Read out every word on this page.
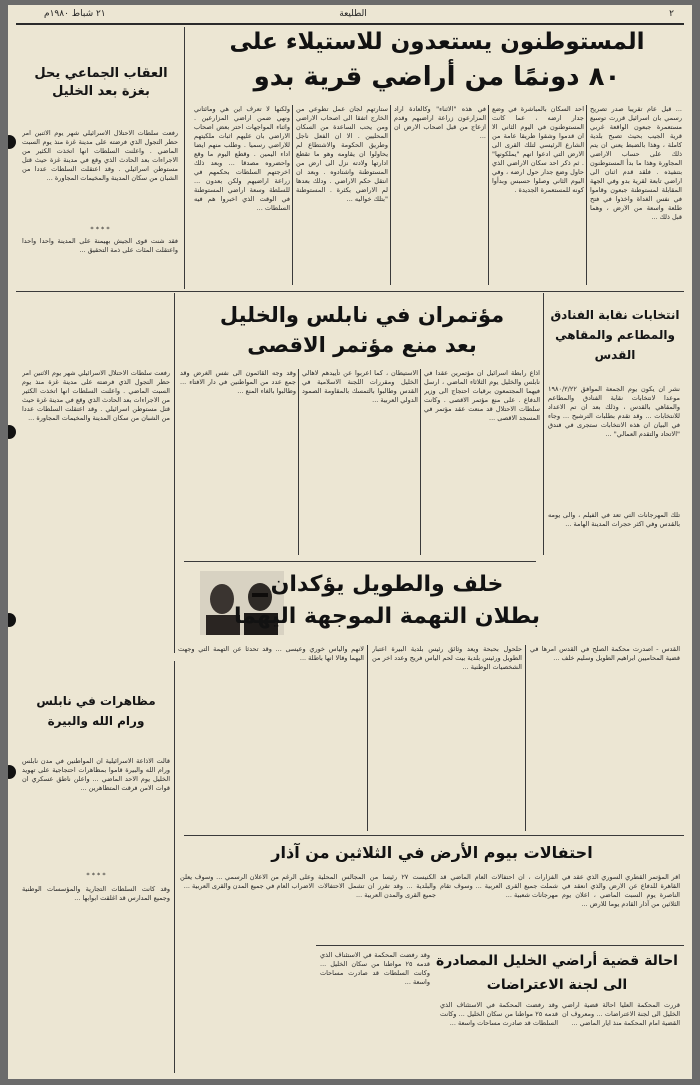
٢
الطليعة
٢١ شباط ١٩٨٠م
المستوطنون يستعدون للاستيلاء على
٨٠ دونمًا من أراضي قرية بدو
... قبل عام تقريبا صدر تصريح رسمي بان اسرائيل قررت توسيع مستعمرة جبعون الواقعة غربي قرية الجيب بحيث تصبح بلدية كاملة ، وهذا بالضبط يعني ان يتم ذلك على حساب الاراضي المجاورة وهذا ما بدأ المستوطنون بتنفيذه . فلقد قدم اثنان الى اراضي تابعة لقرية بدو وفي الجهة المقابلة لمستوطنة جبعون وقاموا في نفس الغداة واخذوا في فتح طلعة واسعة من الارض ، وهما قبل ذلك ...
احد السكان بالمباشرة في وضع جدار ارضه ، عما كانت المستوطنون في اليوم الثاني الا ان قدموا وشقوا طريقا عامة من الشارع الرئيسي لتلك القرى الى الارض التي ادعوا انهم "يملكونها" . ثم ذكر احد سكان الاراضي الذي حاول وضع جدار حول ارضه ، وفي اليوم الثاني وصلوا حسبس وبدأوا كونه للمستعمرة الجديدة .
في هذه "الاثناء" وكالعادة اراد المزارعون زراعة اراضيهم وقدم ازعاج من قبل اصحاب الارض ان ...
ستارتهم لجان عمل تطوعي من الخارج اتفقا الى اصحاب الاراضي ومن يحب الساعدة من السكان المحليين . الا ان الفعل ناجل وطريق الحكومة والاشتطاع لم يحاولوا ان يقاومه وهو ما تقطع ادارتها ولادته نزل الى ارض من المستوطنة واشتادوه . وبعد ان انتقل حكم الاراضي . ودلك بعدها لم الاراضي بكثرة . المستوطنة "بتلك خواليه ...
ولكنها لا تعرف اين هي ومائتاني ونهي ضمن اراضي المزارعين . واثناء المواجهات احتر بعض اصحاب الاراضي بان عليهم اثبات ملكيتهم للاراضي رسميا . وطلب منهم ايضا اداء اليمين . وقطع اليوم ما وقع واحضروه مصدقا ... وبعد ذلك اخرجتهم السلطات بحكمهم في زراعة اراضيهم ولكن بعدون ... للسلطة وسعة اراضي المستوطنة في الوقت الذي اخبروا هم فيه السلطات ...
العقاب الجماعي يحل بغزة بعد الخليل
رفعت سلطات الاحتلال الاسرائيلي شهر يوم الاثنين امر حظر التجول الذي فرضته على مدينة غزة منذ يوم السبت الماضي . واعلنت السلطات انها اتخذت الكثير من الاجراءات بعد الحادث الذي وقع في مدينة غزة حيث قتل مستوطن اسرائيلي . وقد اعتقلت السلطات عددا من الشبان من سكان المدينة والمخيمات المجاورة ...
* * * *
فقد شنت قوى الجيش بهيمنة على المدينة واحدا واحدا واعتقلت المئات على ذمة التحقيق ...
انتخابات نقابة الفنادق والمطاعم والمقاهي القدس
نشر ان يكون يوم الجمعة الموافق ١٩٨٠/٢/٢٢ موعدا لانتخابات نقابة الفنادق والمطاعم والمقاهي بالقدس ، وذلك بعد ان تم الاعداد للانتخابات ... وقد تقدم بطلبات الترشيح ... وجاء في البيان ان هذه الانتخابات ستجرى في فندق "الاتحاد والتقدم العمالي" ...
تلك المهرجانات التي تعد في الفيلم ، والى يومه بالقدس وفي اكثر حجرات المدينة الهامة ...
مؤتمران في نابلس والخليل
بعد منع مؤتمر الاقصى
اذاع رابطة اسرائيل ان مؤتمرين عقدا في نابلس والخليل يوم الثلاثاء الماضي ، ارسل فيهما المجتمعون برقيات احتجاج الى وزير الدفاع . على منع مؤتمر الاقصى . وكانت سلطات الاحتلال قد منعت عقد مؤتمر في المسجد الاقصى ...
الاستيطان ، كما اعربوا عن تأييدهم لاهالي الخليل ومقررات اللجنة الاسلامية في القدس وطالبوا بالتمسك بالمقاومة الصمود الدولي العربية ...
وقد وجه القائمون الى نفس الغرض وقد جمع عدد من المواطنين في دار الافتاء ... وطالبوا بالغاء المنع ...
رفعت سلطات الاحتلال الاسرائيلي شهر يوم الاثنين امر حظر التجول الذي فرضته على مدينة غزة منذ يوم السبت الماضي . واعلنت السلطات انها اتخذت الكثير من الاجراءات بعد الحادث الذي وقع في مدينة غزة حيث قتل مستوطن اسرائيلي . وقد اعتقلت السلطات عددا من الشبان من سكان المدينة والمخيمات المجاورة ...
خلف والطويل يؤكدان
بطلان التهمة الموجهة اليهما
القدس - اصدرت محكمة الصلح في القدس امرها في قضية المحاميين ابراهيم الطويل وسليم خلف ...
حلحول بحبحة ويعد وثائق رئيس بلدية البيرة اعتبار الطويل ورئيس بلدية بيت لحم الياس فريج وعدد اخر من الشخصيات الوطنية ...
لانهم والياس خوري وعيسى ... وقد تحدثا عن التهمة التي وجهت اليهما وقالا انها باطلة ...
مظاهرات في نابلس ورام الله والبيرة
قالت الاذاعة الاسرائيلية ان المواطنين في مدن نابلس ورام الله والبيرة قاموا بمظاهرات احتجاجية على تهويد الخليل يوم الاحد الماضي ... واعلن ناطق عسكري ان قوات الامن فرقت المتظاهرين ...
* * * *
وقد كانت السلطات التجارية والمؤسسات الوطنية وجميع المدارس قد اغلقت ابوابها ...
احتفالات بيوم الأرض في الثلاثين من آذار
اقر المؤتمر القطري السوري الذي عقد في القاهرة للدفاع عن الارض والذي انعقد في الناصرة يوم السبت الماضي ، اعلان يوم الثلاثين من آذار القادم يوما للارض ...
الفزارات ، ان احتفالات العام الماضي قد شملت جميع القرى العربية ... وسوف تقام مهرجانات شعبية ...
الكنيست ٢٧ رئيسا من المجالس المحلية والبلدية ... وقد تقرر ان تشمل الاحتفالات جميع القرى والمدن العربية ...
وعلى الرغم من الاعلان الرسمي ... وسوف يعلن الاضراب العام في جميع المدن والقرى العربية ...
احالة قضية أراضي الخليل المصادرة
الى لجنة الاعتراضات
قررت المحكمة العليا احالة قضية اراضي الخليل الى لجنة الاعتراضات ... ومعروف ان القضية امام المحكمة منذ ايار الماضي ...
وقد رفضت المحكمة في الاستئناف الذي قدمه ٢٥ مواطنا من سكان الخليل ... وكانت السلطات قد صادرت مساحات واسعة ...
وقد رفضت المحكمة في الاستئناف الذي قدمه ٢٥ مواطنا من سكان الخليل ... وكانت السلطات قد صادرت مساحات واسعة ...
